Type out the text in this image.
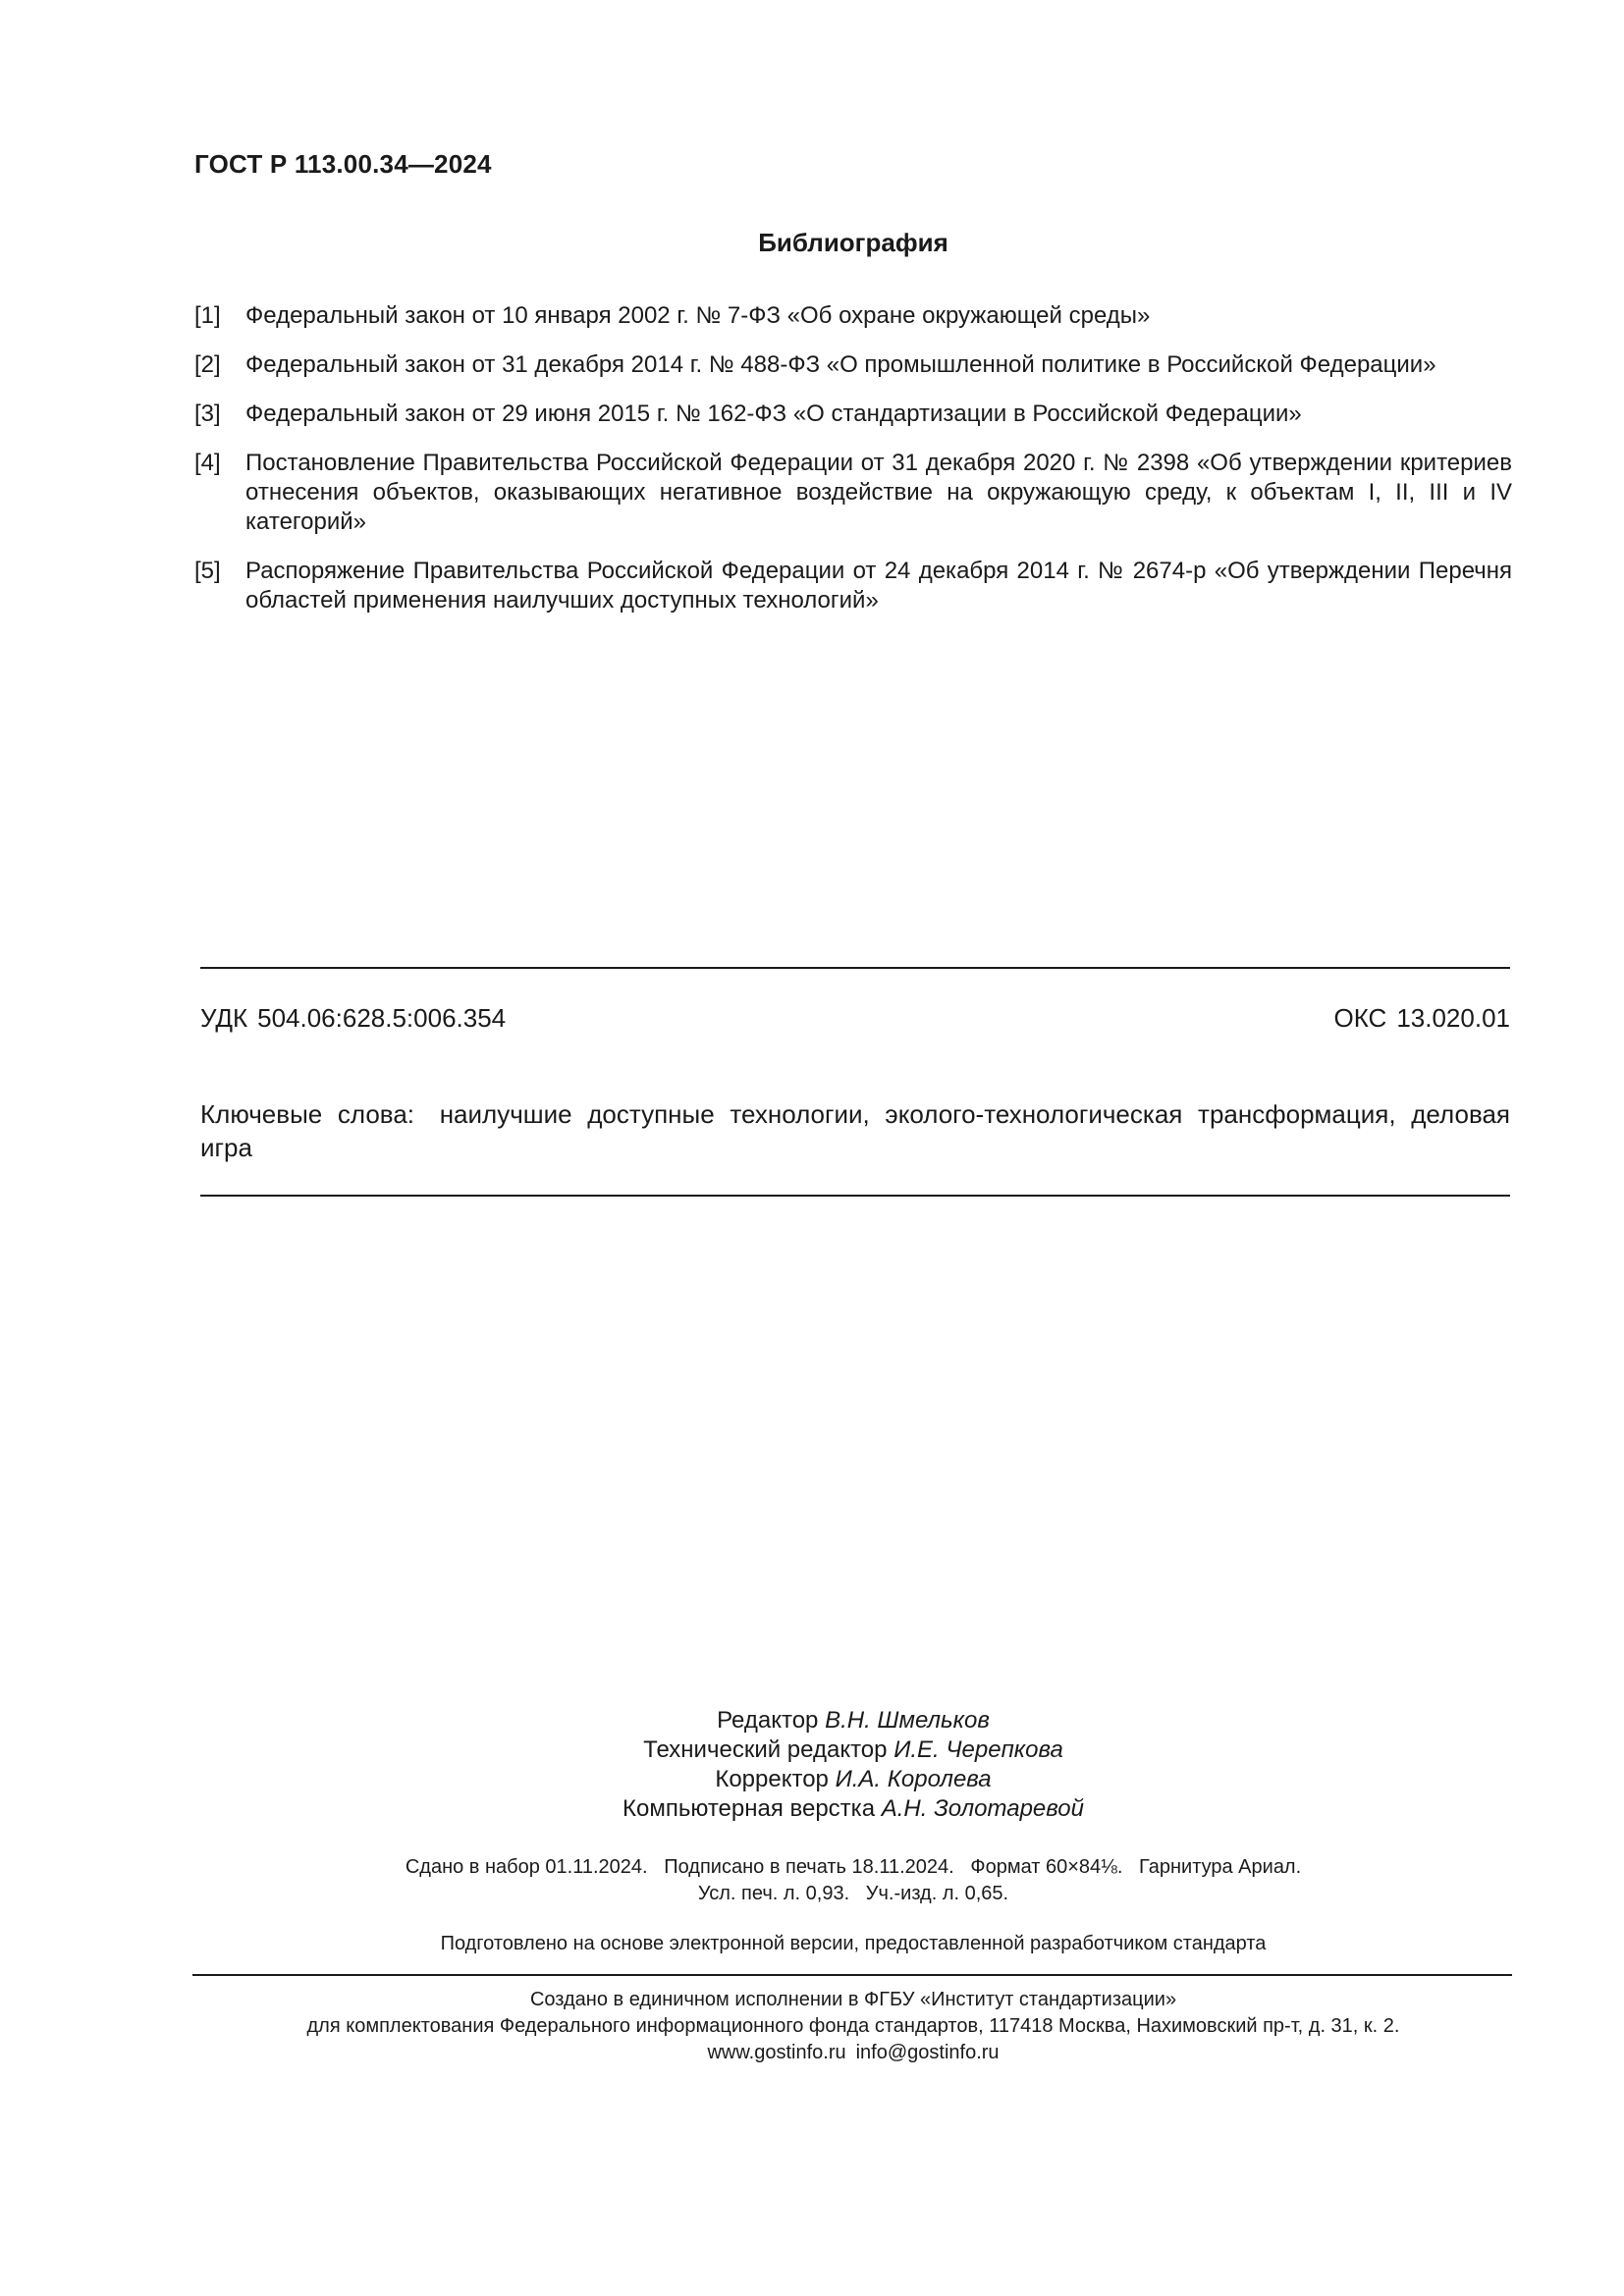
ГОСТ Р 113.00.34—2024
Библиография
[1]	Федеральный закон от 10 января 2002 г. № 7-ФЗ «Об охране окружающей среды»
[2]	Федеральный закон от 31 декабря 2014 г. № 488-ФЗ «О промышленной политике в Российской Федерации»
[3]	Федеральный закон от 29 июня 2015 г. № 162-ФЗ «О стандартизации в Российской Федерации»
[4]	Постановление Правительства Российской Федерации от 31 декабря 2020 г. № 2398 «Об утверждении критериев отнесения объектов, оказывающих негативное воздействие на окружающую среду, к объектам I, II, III и IV категорий»
[5]	Распоряжение Правительства Российской Федерации от 24 декабря 2014 г. № 2674-р «Об утверждении Перечня областей применения наилучших доступных технологий»
УДК 504.06:628.5:006.354	ОКС 13.020.01
Ключевые слова: наилучшие доступные технологии, эколого-технологическая трансформация, деловая игра
Редактор В.Н. Шмельков
Технический редактор И.Е. Черепкова
Корректор И.А. Королева
Компьютерная верстка А.Н. Золотаревой
Сдано в набор 01.11.2024.   Подписано в печать 18.11.2024.   Формат 60×84⅛.   Гарнитура Ариал.
Усл. печ. л. 0,93.   Уч.-изд. л. 0,65.
Подготовлено на основе электронной версии, предоставленной разработчиком стандарта
Создано в единичном исполнении в ФГБУ «Институт стандартизации»
для комплектования Федерального информационного фонда стандартов, 117418 Москва, Нахимовский пр-т, д. 31, к. 2.
www.gostinfo.ru info@gostinfo.ru
